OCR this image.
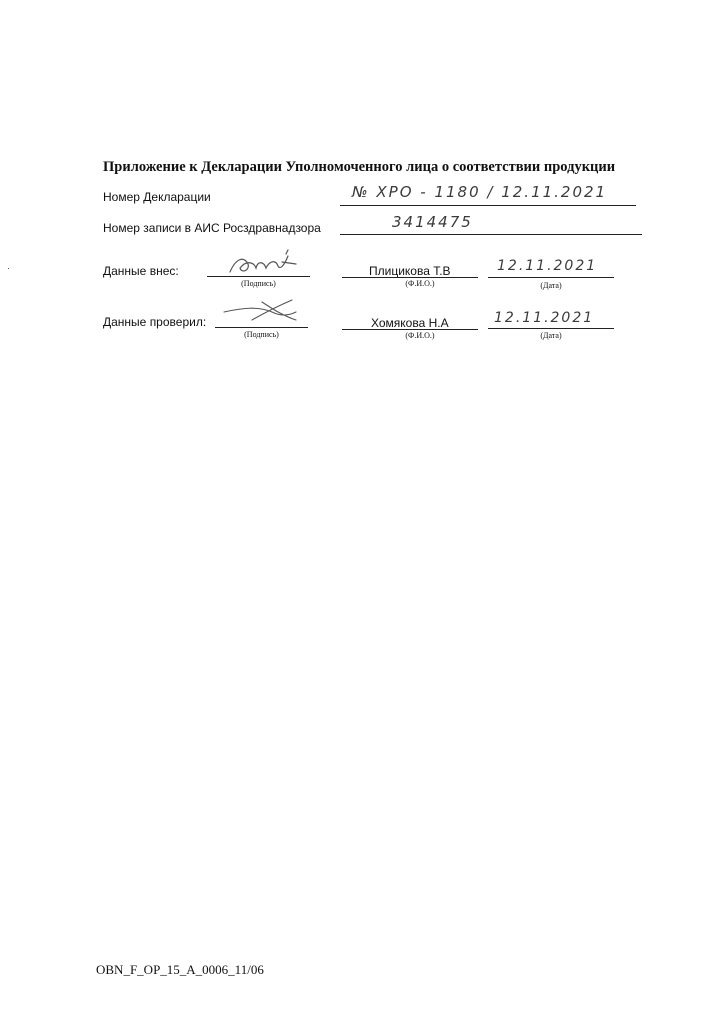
Приложение к Декларации Уполномоченного лица о соответствии продукции
Номер Декларации	№ ХРО - 1180 / 12.11.2021
Номер записи в АИС Росздравнадзора	3414475
Данные внес:
(Подпись)
Плицикова Т.В
(Ф.И.О.)
12.11.2021
(Дата)
Данные проверил:
(Подпись)
Хомякова Н.А
(Ф.И.О.)
12.11.2021
(Дата)
OBN_F_OP_15_A_0006_11/06
